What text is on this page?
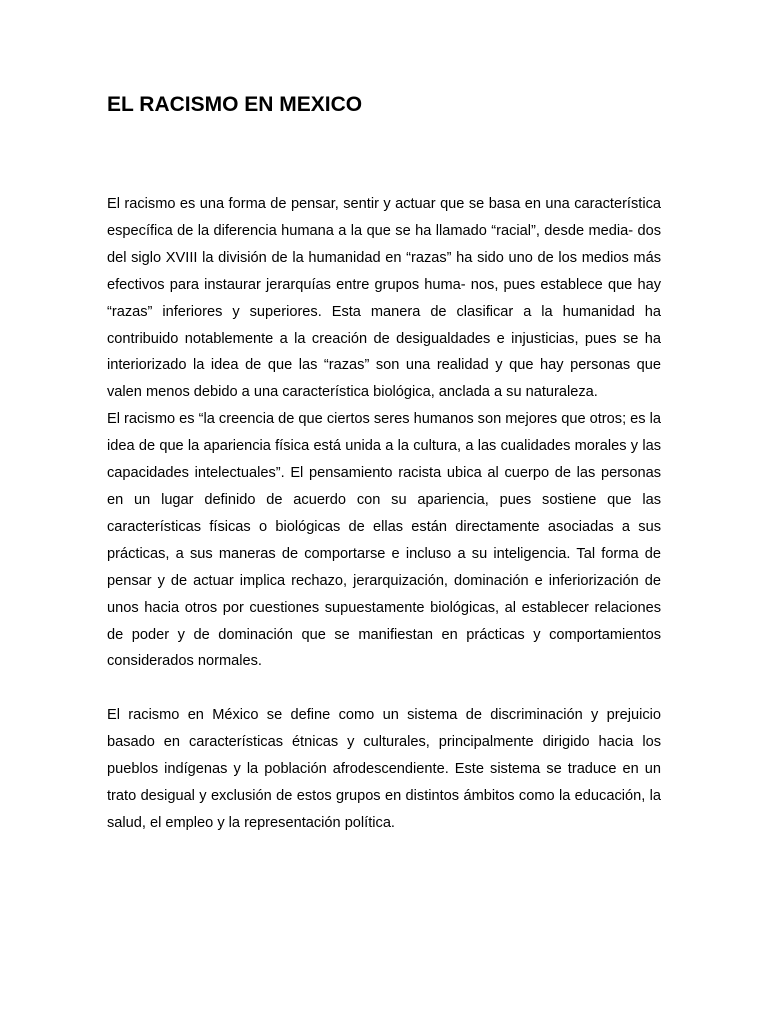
EL RACISMO EN MEXICO

El racismo es una forma de pensar, sentir y actuar que se basa en una característica específica de la diferencia humana a la que se ha llamado “racial”, desde media- dos del siglo XVIII la división de la humanidad en “razas” ha sido uno de los medios más efectivos para instaurar jerarquías entre grupos huma- nos, pues establece que hay “razas” inferiores y superiores. Esta manera de clasificar a la humanidad ha contribuido notablemente a la creación de desigualdades e injusticias, pues se ha interiorizado la idea de que las “razas” son una realidad y que hay personas que valen menos debido a una característica biológica, anclada a su naturaleza.

El racismo es “la creencia de que ciertos seres humanos son mejores que otros; es la idea de que la apariencia física está unida a la cultura, a las cualidades morales y las capacidades intelectuales”. El pensamiento racista ubica al cuerpo de las personas en un lugar definido de acuerdo con su apariencia, pues sostiene que las características físicas o biológicas de ellas están directamente asociadas a sus prácticas, a sus maneras de comportarse e incluso a su inteligencia. Tal forma de pensar y de actuar implica rechazo, jerarquización, dominación e inferiorización de unos hacia otros por cuestiones supuestamente biológicas, al establecer relaciones de poder y de dominación que se manifiestan en prácticas y comportamientos considerados normales.

El racismo en México se define como un sistema de discriminación y prejuicio basado en características étnicas y culturales, principalmente dirigido hacia los pueblos indígenas y la población afrodescendiente. Este sistema se traduce en un trato desigual y exclusión de estos grupos en distintos ámbitos como la educación, la salud, el empleo y la representación política.
